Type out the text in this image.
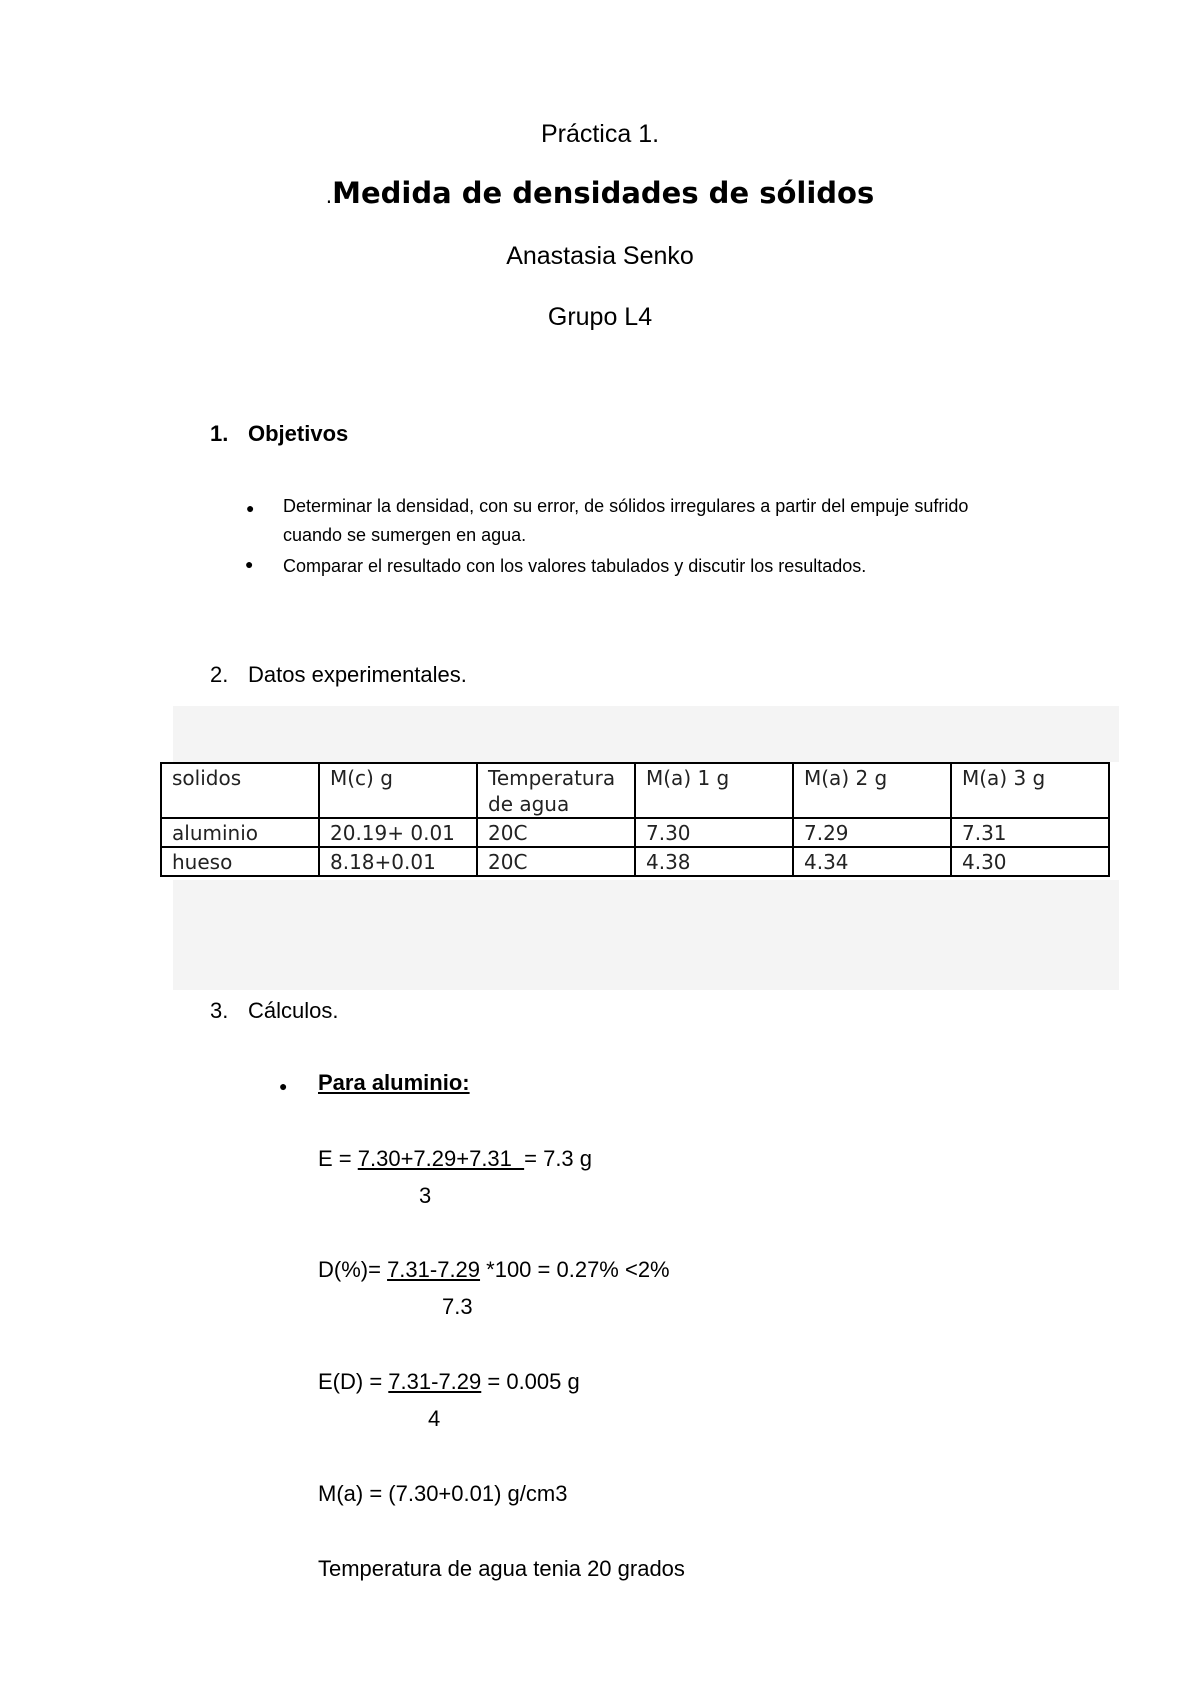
Práctica 1.
.Medida de densidades de sólidos
Anastasia Senko
Grupo L4
1. Objetivos
● Determinar la densidad, con su error, de sólidos irregulares a partir del empuje sufrido
cuando se sumergen en agua.
● Comparar el resultado con los valores tabulados y discutir los resultados.
2. Datos experimentales.
solidos	M(c) g	Temperatura de agua	M(a) 1 g	M(a) 2 g	M(a) 3 g
aluminio	20.19+ 0.01	20C	7.30	7.29	7.31
hueso	8.18+0.01	20C	4.38	4.34	4.30
3. Cálculos.
● Para aluminio:
E = 7.30+7.29+7.31  = 7.3 g
3
D(%)= 7.31-7.29 *100 = 0.27% <2%
7.3
E(D) = 7.31-7.29 = 0.005 g
4
M(a) = (7.30+0.01) g/cm3
Temperatura de agua tenia 20 grados
